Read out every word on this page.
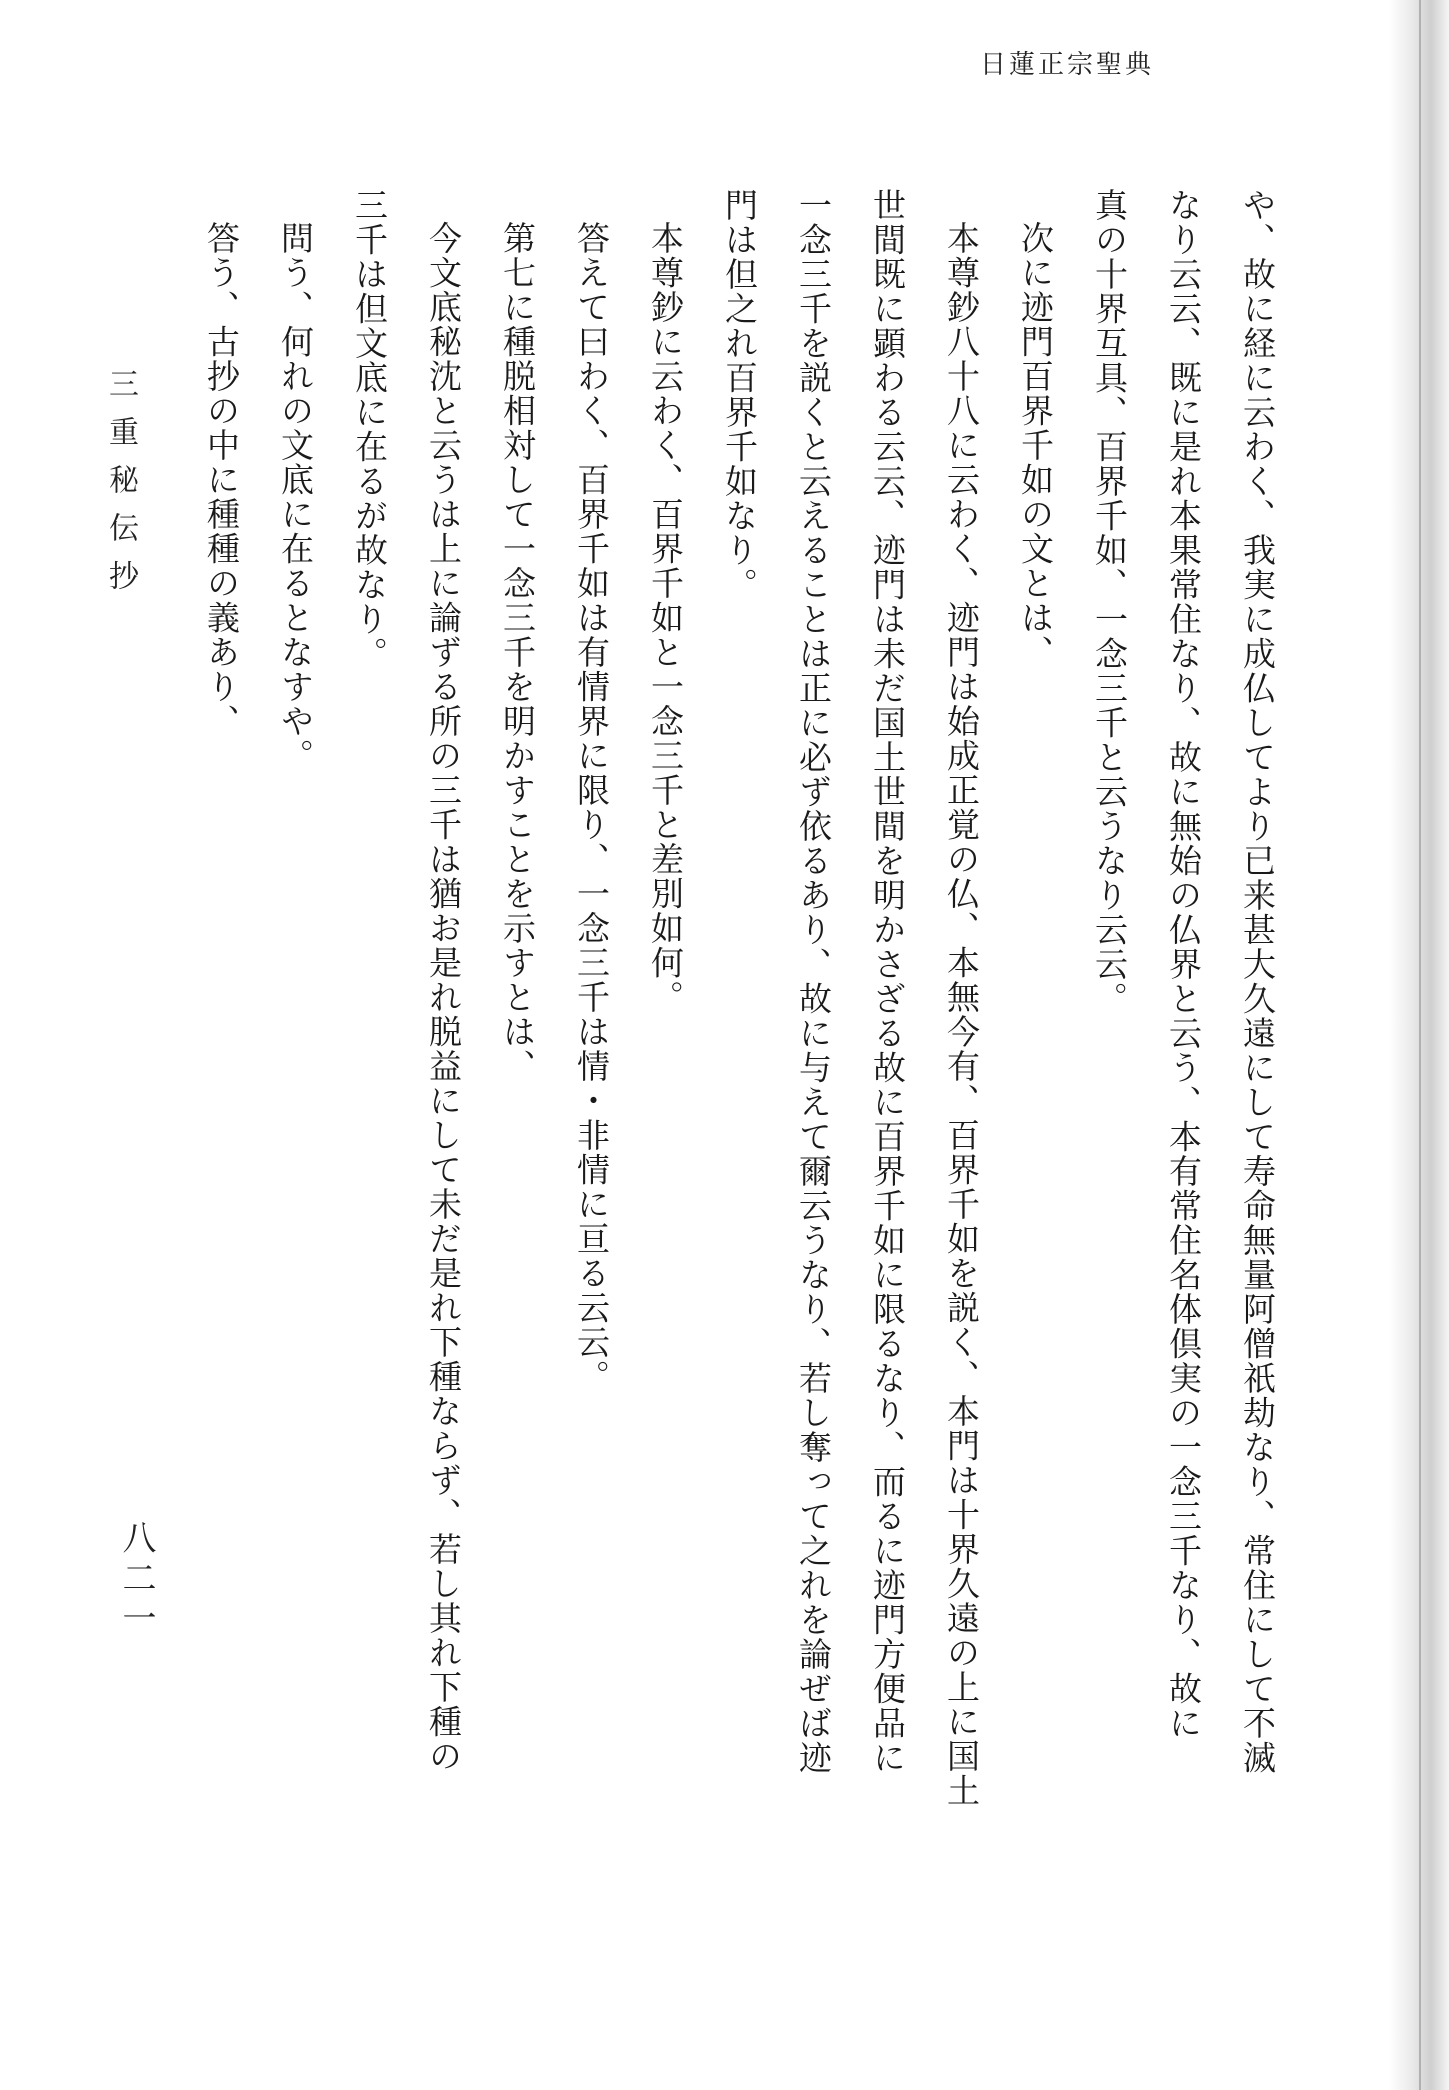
日蓮正宗聖典

や、故に経に云わく、我実に成仏してより已来甚大久遠にして寿命無量阿僧祇劫なり、常住にして不滅

なり云云、既に是れ本果常住なり、故に無始の仏界と云う、本有常住名体倶実の一念三千なり、故に

真の十界互具、百界千如、一念三千と云うなり云云。

次に迹門百界千如の文とは、

本尊鈔八十八に云わく、迹門は始成正覚の仏、本無今有、百界千如を説く、本門は十界久遠の上に国土

世間既に顕わる云云、迹門は未だ国土世間を明かさざる故に百界千如に限るなり、而るに迹門方便品に

一念三千を説くと云えることは正に必ず依るあり、故に与えて爾云うなり、若し奪って之れを論ぜば迹

門は但之れ百界千如なり。

本尊鈔に云わく、百界千如と一念三千と差別如何。

答えて曰わく、百界千如は有情界に限り、一念三千は情・非情に亘る云云。

第七に種脱相対して一念三千を明かすことを示すとは、

今文底秘沈と云うは上に論ずる所の三千は猶お是れ脱益にして未だ是れ下種ならず、若し其れ下種の

三千は但文底に在るが故なり。

問う、何れの文底に在るとなすや。

答う、古抄の中に種種の義あり、

三重秘伝抄
八二一
